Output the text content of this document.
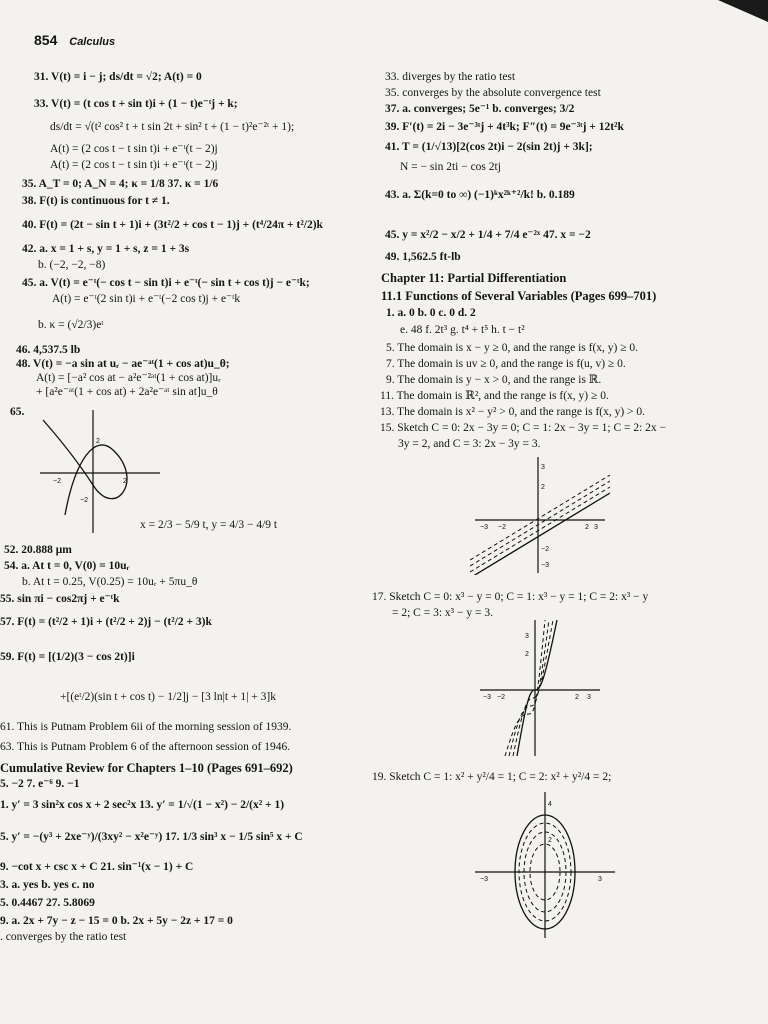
854 Calculus
31. V(t) = i − j; ds/dt = √2; A(t) = 0
33. V(t) = (t cos t + sin t)i + (1 − t)e⁻ᵗj + k;
ds/dt = √(t² cos² t + t sin 2t + sin² t + (1 − t)²e⁻²ᵗ + 1);
A(t) = (2 cos t − t sin t)i + e⁻ᵗ(t − 2)j
A(t) = (2 cos t − t sin t)i + e⁻ᵗ(t − 2)j
35. A_T = 0; A_N = 4; κ = 1/8 37. κ = 1/6
38. F(t) is continuous for t ≠ 1.
40. F(t) = (2t − sin t + 1)i + (3t²/2 + cos t − 1)j + (t⁴/24π + t²/2)k
42. a. x = 1 + s, y = 1 + s, z = 1 + 3s
b. (−2, −2, −8)
45. a. V(t) = e⁻ᵗ(− cos t − sin t)i + e⁻ᵗ(− sin t + cos t)j − e⁻ᵗk;
A(t) = e⁻ᵗ(2 sin t)i + e⁻ᵗ(−2 cos t)j + e⁻ᵗk
b. κ = (√2/3)eᵗ
46. 4,537.5 lb
48. V(t) = −a sin at uᵣ − ae⁻ᵃᵗ(1 + cos at)u_θ;
A(t) = [−a² cos at − a²e⁻²ᵃᵗ(1 + cos at)]uᵣ
+ [a²e⁻ᵃᵗ(1 + cos at) + 2a²e⁻ᵃᵗ sin at]u_θ
65.
2
−2	2
−2
x = 2/3 − 5/9 t, y = 4/3 − 4/9 t
52. 20.888 μm
54. a. At t = 0, V(0) = 10uᵣ
b. At t = 0.25, V(0.25) = 10uᵣ + 5πu_θ
55. sin πi − cos2πj + e⁻ᵗk
57. F(t) = (t²/2 + 1)i + (t²/2 + 2)j − (t²/2 + 3)k
59. F(t) = [(1/2)(3 − cos 2t)]i
+[(eᵗ/2)(sin t + cos t) − 1/2]j − [3 ln|t + 1| + 3]k
61. This is Putnam Problem 6ii of the morning session of 1939.
63. This is Putnam Problem 6 of the afternoon session of 1946.
Cumulative Review for Chapters 1–10 (Pages 691–692)
5. −2 7. e⁻⁶ 9. −1
1. y′ = 3 sin²x cos x + 2 sec²x 13. y′ = 1/√(1 − x²) − 2/(x² + 1)
5. y′ = −(y³ + 2xe⁻ʸ)/(3xy² − x²e⁻ʸ) 17. 1/3 sin³ x − 1/5 sin⁵ x + C
9. −cot x + csc x + C 21. sin⁻¹(x − 1) + C
3. a. yes b. yes c. no
5. 0.4467 27. 5.8069
9. a. 2x + 7y − z − 15 = 0 b. 2x + 5y − 2z + 17 = 0
. converges by the ratio test
33. diverges by the ratio test
35. converges by the absolute convergence test
37. a. converges; 5e⁻¹ b. converges; 3/2
39. F′(t) = 2i − 3e⁻³ᵗj + 4t³k; F″(t) = 9e⁻³ᵗj + 12t²k
41. T = (1/√13)[2(cos 2t)i − 2(sin 2t)j + 3k];
N = − sin 2ti − cos 2tj
43. a. Σ(k=0 to ∞) (−1)ᵏx²ᵏ⁺²/k! b. 0.189
45. y = x²/2 − x/2 + 1/4 + 7/4 e⁻²ˣ 47. x = −2
49. 1,562.5 ft-lb
Chapter 11: Partial Differentiation
11.1 Functions of Several Variables (Pages 699–701)
1. a. 0 b. 0 c. 0 d. 2
e. 48 f. 2t³ g. t⁴ + t⁵ h. t − t²
5. The domain is x − y ≥ 0, and the range is f(x, y) ≥ 0.
7. The domain is uv ≥ 0, and the range is f(u, v) ≥ 0.
9. The domain is y − x > 0, and the range is ℝ.
11. The domain is ℝ², and the range is f(x, y) ≥ 0.
13. The domain is x² − y² > 0, and the range is f(x, y) > 0.
15. Sketch C = 0: 2x − 3y = 0; C = 1: 2x − 3y = 1; C = 2: 2x −
3y = 2, and C = 3: 2x − 3y = 3.
−3 −2	2 3
3
2
−2
−3
17. Sketch C = 0: x³ − y = 0; C = 1: x³ − y = 1; C = 2: x³ − y
= 2; C = 3: x³ − y = 3.
−3 −2	2 3
3
2
19. Sketch C = 1: x² + y²/4 = 1; C = 2: x² + y²/4 = 2;
−3	3
4
2
